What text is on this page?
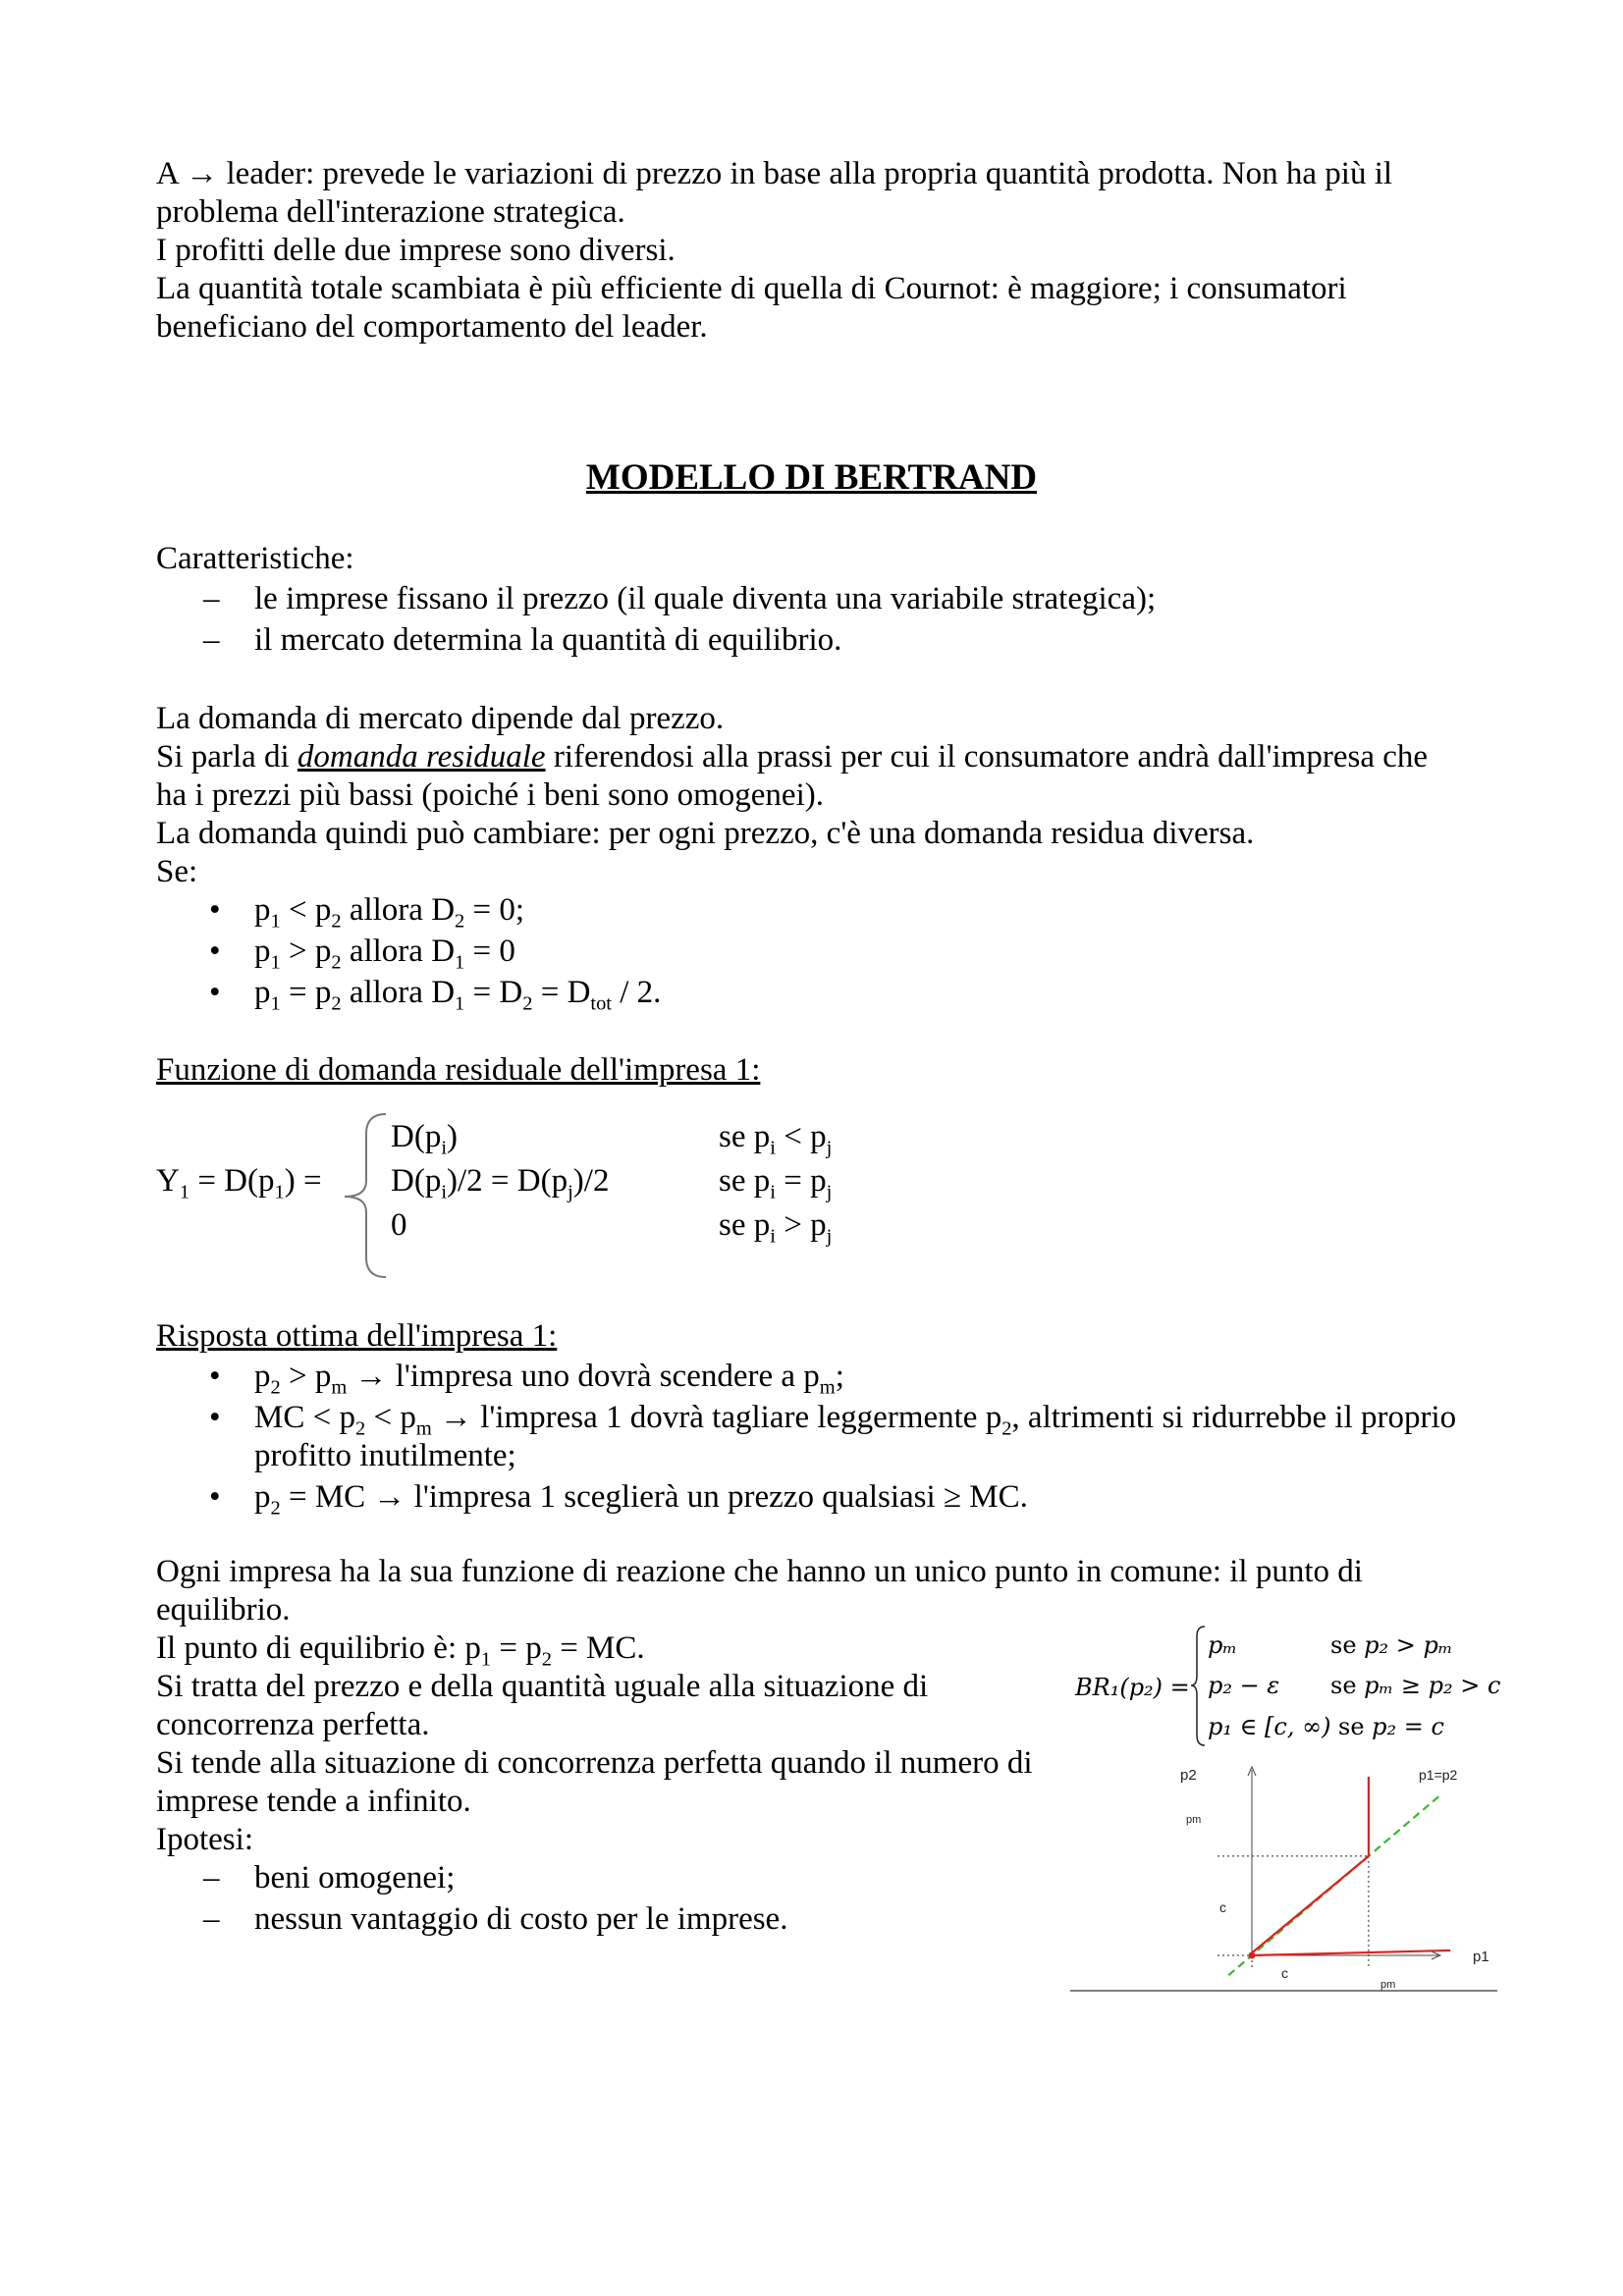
A → leader: prevede le variazioni di prezzo in base alla propria quantità prodotta. Non ha più il
problema dell'interazione strategica.
I profitti delle due imprese sono diversi.
La quantità totale scambiata è più efficiente di quella di Cournot: è maggiore; i consumatori
beneficiano del comportamento del leader.
MODELLO DI BERTRAND
Caratteristiche:
– le imprese fissano il prezzo (il quale diventa una variabile strategica);
– il mercato determina la quantità di equilibrio.
La domanda di mercato dipende dal prezzo.
Si parla di domanda residuale riferendosi alla prassi per cui il consumatore andrà dall'impresa che
ha i prezzi più bassi (poiché i beni sono omogenei).
La domanda quindi può cambiare: per ogni prezzo, c'è una domanda residua diversa.
Se:
• $p_1 < p_2$ allora $D_2 = 0$;
• $p_1 > p_2$ allora $D_1 = 0$
• $p_1 = p_2$ allora $D_1 = D_2 = D_{tot} / 2$.
Funzione di domanda residuale dell'impresa 1:
$Y_1 = D(p_1)$ =
$D(p_i)$	se $p_i < p_j$
$D(p_i)/2 = D(p_j)/2$	se $p_i = p_j$
0	se $p_i > p_j$
Risposta ottima dell'impresa 1:
• $p_2 > p_m$ → l'impresa uno dovrà scendere a $p_m$;
• MC < $p_2 < p_m$ → l'impresa 1 dovrà tagliare leggermente $p_2$, altrimenti si ridurrebbe il proprio
profitto inutilmente;
• $p_2$ = MC → l'impresa 1 sceglierà un prezzo qualsiasi ≥ MC.
Ogni impresa ha la sua funzione di reazione che hanno un unico punto in comune: il punto di
equilibrio.
Il punto di equilibrio è: $p_1 = p_2$ = MC.
Si tratta del prezzo e della quantità uguale alla situazione di
concorrenza perfetta.
Si tende alla situazione di concorrenza perfetta quando il numero di
imprese tende a infinito.
Ipotesi:
– beni omogenei;
– nessun vantaggio di costo per le imprese.
BR₁(p₂) =
pₘ	se p₂ > pₘ
p₂ − ε se pₘ ≥ p₂ > c
p₁ ∈ [c, ∞) se p₂ = c
p2	p1=p2
pm
c
c
pm
p1
